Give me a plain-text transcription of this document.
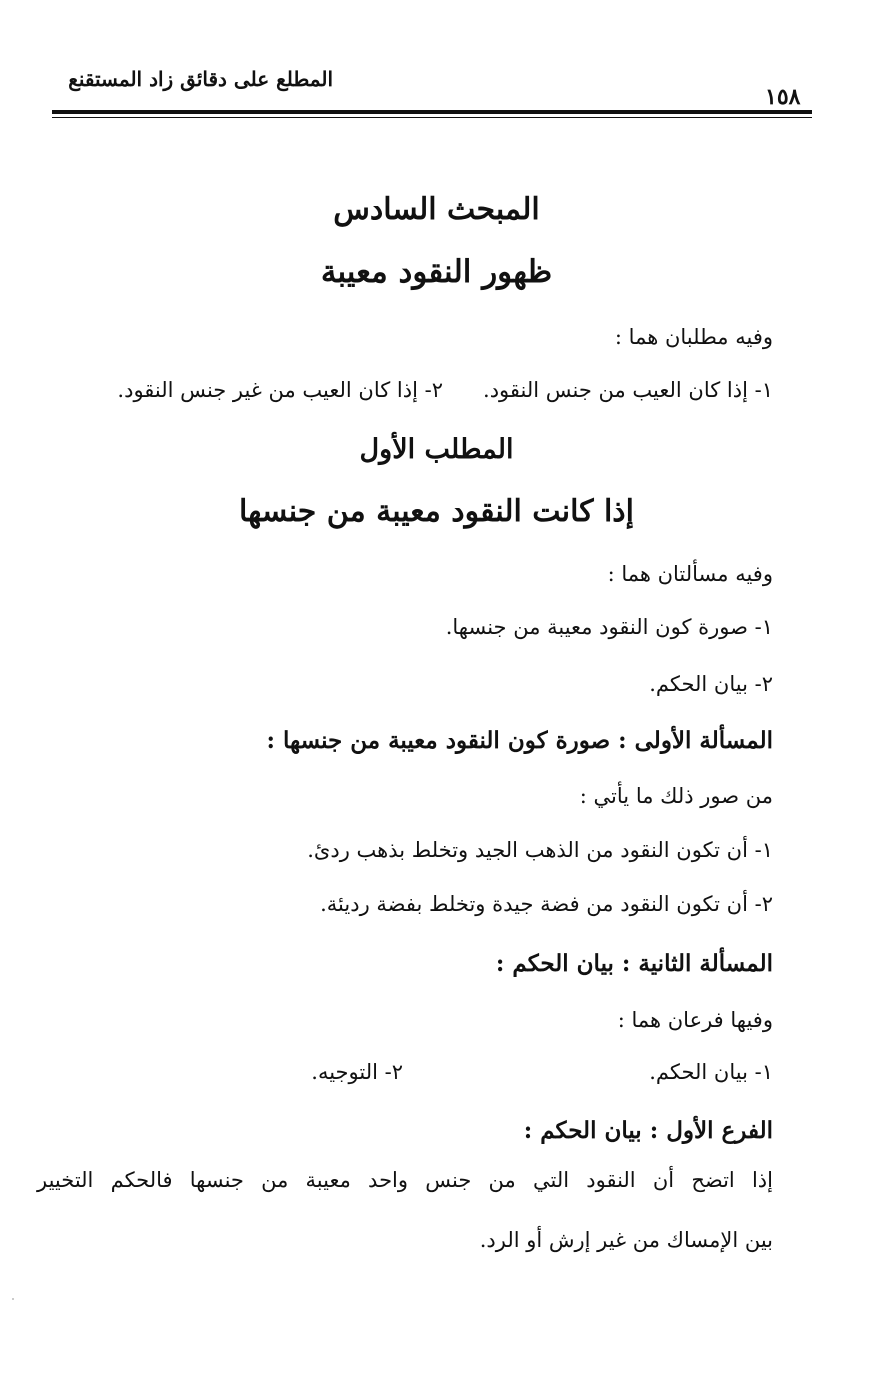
المطلع على دقائق زاد المستقنع
١٥٨
المبحث السادس
ظهور النقود معيبة
وفيه مطلبان هما :
١- إذا كان العيب من جنس النقود.
٢- إذا كان العيب من غير جنس النقود.
المطلب الأول
إذا كانت النقود معيبة من جنسها
وفيه مسألتان هما :
١- صورة كون النقود معيبة من جنسها.
٢- بيان الحكم.
المسألة الأولى : صورة كون النقود معيبة من جنسها :
من صور ذلك ما يأتي :
١- أن تكون النقود من الذهب الجيد وتخلط بذهب ردئ.
٢- أن تكون النقود من فضة جيدة وتخلط بفضة رديئة.
المسألة الثانية : بيان الحكم :
وفيها فرعان هما :
١- بيان الحكم.
٢- التوجيه.
الفرع الأول : بيان الحكم :
إذا اتضح أن النقود التي من جنس واحد معيبة من جنسها فالحكم التخيير
بين الإمساك من غير إرش أو الرد.
